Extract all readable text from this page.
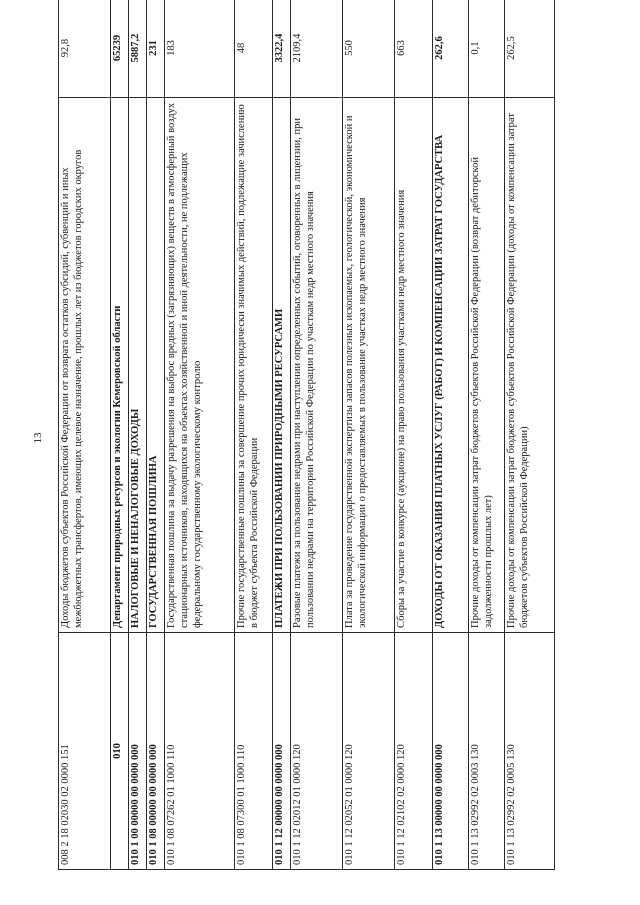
13
008 2 18 02030 02 0000 151	Доходы бюджетов субъектов Российской Федерации от возврата остатков субсидий, субвенций и иных межбюджетных трансфертов, имеющих целевое назначение, прошлых лет из бюджетов городских округов	92,8
010	Департамент природных ресурсов и экологии Кемеровской области	65239
010 1 00 00000 00 0000 000	НАЛОГОВЫЕ И НЕНАЛОГОВЫЕ ДОХОДЫ	5887,2
010 1 08 00000 00 0000 000	ГОСУДАРСТВЕННАЯ ПОШЛИНА	231
010 1 08 07262 01 1000 110	Государственная пошлина за выдачу разрешения на выброс вредных (загрязняющих) веществ в атмосферный воздух стационарных источников, находящихся на объектах хозяйственной и иной деятельности, не подлежащих федеральному государственному экологическому контролю	183
010 1 08 07300 01 1000 110	Прочие государственные пошлины за совершение прочих юридически значимых действий, подлежащие зачислению в бюджет субъекта Российской Федерации	48
010 1 12 00000 00 0000 000	ПЛАТЕЖИ ПРИ ПОЛЬЗОВАНИИ ПРИРОДНЫМИ РЕСУРСАМИ	3322,4
010 1 12 02012 01 0000 120	Разовые платежи за пользование недрами при наступлении определенных событий, оговоренных в лицензии, при пользовании недрами на территории Российской Федерации по участкам недр местного значения	2109,4
010 1 12 02052 01 0000 120	Плата за проведение государственной экспертизы запасов полезных ископаемых, геологической, экономической и экологической информации о предоставляемых в пользование участках недр местного значения	550
010 1 12 02102 02 0000 120	Сборы за участие в конкурсе (аукционе) на право пользования участками недр местного значения	663
010 1 13 00000 00 0000 000	ДОХОДЫ ОТ ОКАЗАНИЯ ПЛАТНЫХ УСЛУГ (РАБОТ) И КОМПЕНСАЦИИ ЗАТРАТ ГОСУДАРСТВА	262,6
010 1 13 02992 02 0003 130	Прочие доходы от компенсации затрат бюджетов субъектов Российской Федерации (возврат дебиторской задолженности прошлых лет)	0,1
010 1 13 02992 02 0005 130	Прочие доходы от компенсации затрат бюджетов субъектов Российской Федерации (доходы от компенсации затрат бюджетов субъектов Российской Федерации)	262,5
